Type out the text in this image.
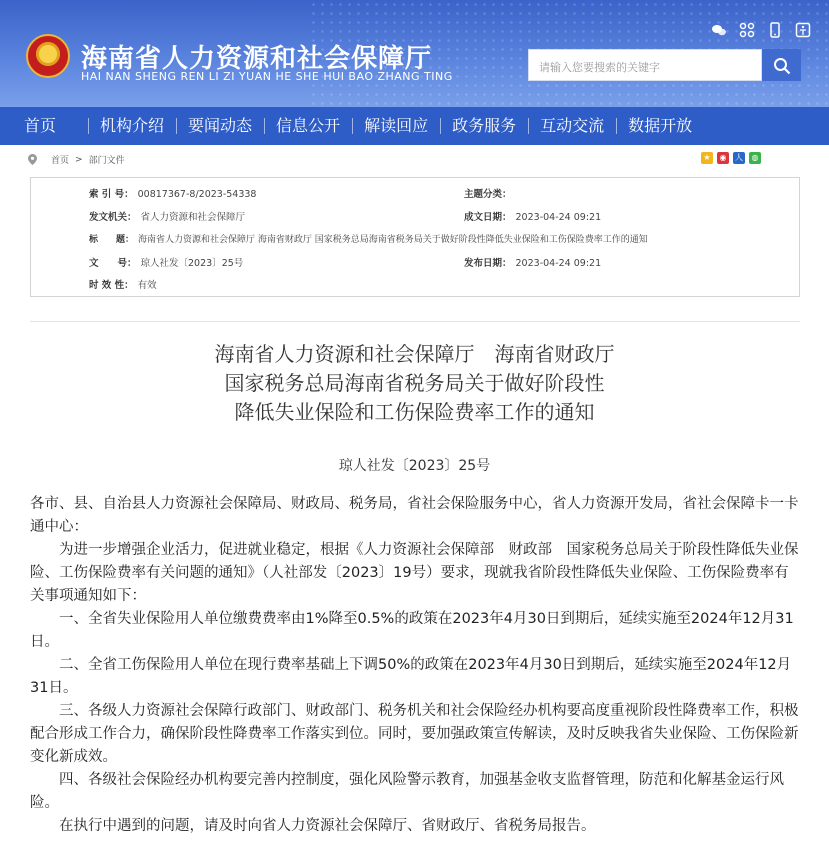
海南省人力资源和社会保障厅
HAI NAN SHENG REN LI ZI YUAN HE SHE HUI BAO ZHANG TING
请输入您要搜索的关键字
首页	机构介绍 要闻动态 信息公开 解读回应 政务服务 互动交流 数据开放
首页 > 部门文件	★	◉	人	◍
索 引 号： 00817367-8/2023-54338	主题分类：
发文机关： 省人力资源和社会保障厅	成文日期： 2023-04-24 09:21
标　　题： 海南省人力资源和社会保障厅 海南省财政厅 国家税务总局海南省税务局关于做好阶段性降低失业保险和工伤保险费率工作的通知
文　　号： 琼人社发〔2023〕25号	发布日期： 2023-04-24 09:21
时 效 性： 有效
海南省人力资源和社会保障厅　海南省财政厅
国家税务总局海南省税务局关于做好阶段性
降低失业保险和工伤保险费率工作的通知
琼人社发〔2023〕25号

各市、县、自治县人力资源社会保障局、财政局、税务局，省社会保险服务中心，省人力资源开发局，省社会保障卡一卡通中心：

为进一步增强企业活力，促进就业稳定，根据《人力资源社会保障部　财政部　国家税务总局关于阶段性降低失业保险、工伤保险费率有关问题的通知》（人社部发〔2023〕19号）要求，现就我省阶段性降低失业保险、工伤保险费率有关事项通知如下：

一、全省失业保险用人单位缴费费率由1%降至0.5%的政策在2023年4月30日到期后，延续实施至2024年12月31日。

二、全省工伤保险用人单位在现行费率基础上下调50%的政策在2023年4月30日到期后，延续实施至2024年12月31日。

三、各级人力资源社会保障行政部门、财政部门、税务机关和社会保险经办机构要高度重视阶段性降费率工作，积极配合形成工作合力，确保阶段性降费率工作落实到位。同时，要加强政策宣传解读，及时反映我省失业保险、工伤保险新变化新成效。

四、各级社会保险经办机构要完善内控制度，强化风险警示教育，加强基金收支监督管理，防范和化解基金运行风险。

在执行中遇到的问题，请及时向省人力资源社会保障厅、省财政厅、省税务局报告。
